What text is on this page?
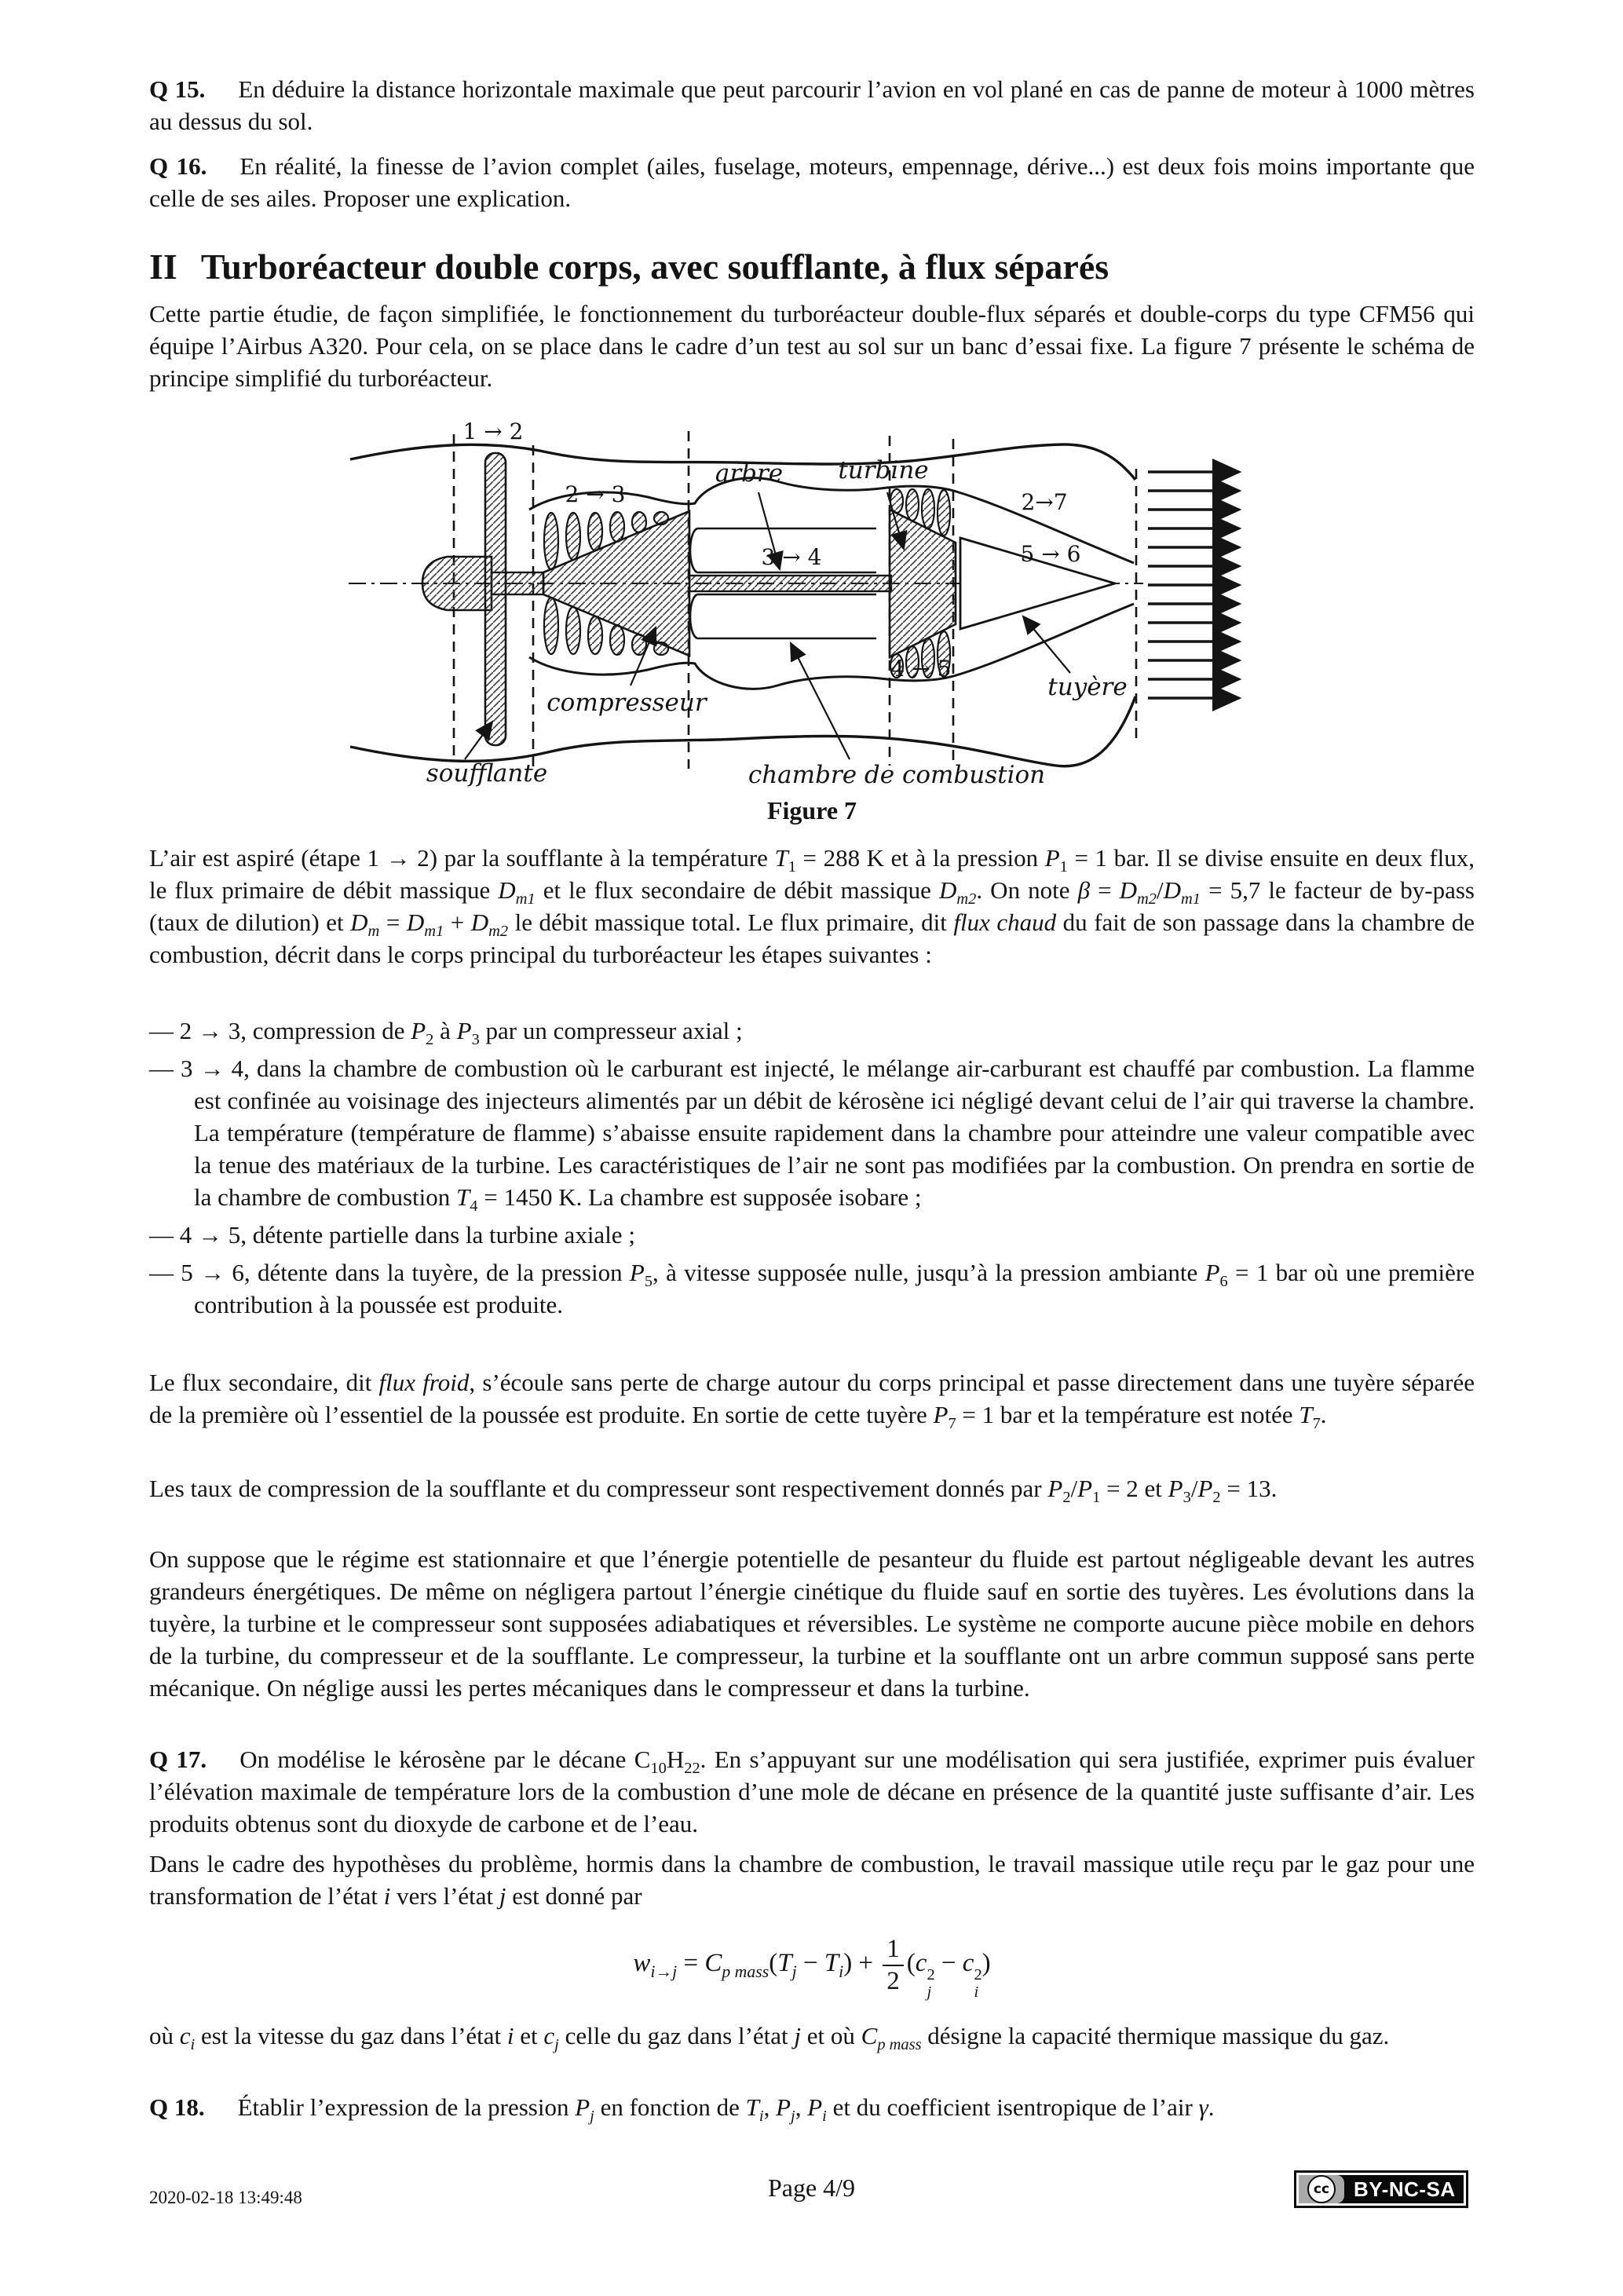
Q 15. En déduire la distance horizontale maximale que peut parcourir l’avion en vol plané en cas de panne de moteur à 1000 mètres au dessus du sol.
Q 16. En réalité, la finesse de l’avion complet (ailes, fuselage, moteurs, empennage, dérive...) est deux fois moins importante que celle de ses ailes. Proposer une explication.
II Turboréacteur double corps, avec soufflante, à flux séparés
Cette partie étudie, de façon simplifiée, le fonctionnement du turboréacteur double-flux séparés et double-corps du type CFM56 qui équipe l’Airbus A320. Pour cela, on se place dans le cadre d’un test au sol sur un banc d’essai fixe. La figure 7 présente le schéma de principe simplifié du turboréacteur.
1 → 2
2 → 3
arbre turbine
2→7
3 → 4	5 → 6
4 → 5
tuyère
compresseur
soufflante	chambre de combustion
Figure 7
L’air est aspiré (étape 1 → 2) par la soufflante à la température $T_1 = 288$ K et à la pression $P_1 = 1$ bar. Il se divise ensuite en deux flux, le flux primaire de débit massique $D_{m1}$ et le flux secondaire de débit massique $D_{m2}$. On note $\beta = D_{m2}/D_{m1} = 5,7$ le facteur de by-pass (taux de dilution) et $D_m = D_{m1} + D_{m2}$ le débit massique total. Le flux primaire, dit flux chaud du fait de son passage dans la chambre de combustion, décrit dans le corps principal du turboréacteur les étapes suivantes :
— 2 → 3, compression de $P_2$ à $P_3$ par un compresseur axial ;
— 3 → 4, dans la chambre de combustion où le carburant est injecté, le mélange air-carburant est chauffé par combustion. La flamme est confinée au voisinage des injecteurs alimentés par un débit de kérosène ici négligé devant celui de l’air qui traverse la chambre. La température (température de flamme) s’abaisse ensuite rapidement dans la chambre pour atteindre une valeur compatible avec la tenue des matériaux de la turbine. Les caractéristiques de l’air ne sont pas modifiées par la combustion. On prendra en sortie de la chambre de combustion $T_4 = 1450$ K. La chambre est supposée isobare ;
— 4 → 5, détente partielle dans la turbine axiale ;
— 5 → 6, détente dans la tuyère, de la pression $P_5$, à vitesse supposée nulle, jusqu’à la pression ambiante $P_6 = 1$ bar où une première contribution à la poussée est produite.
Le flux secondaire, dit flux froid, s’écoule sans perte de charge autour du corps principal et passe directement dans une tuyère séparée de la première où l’essentiel de la poussée est produite. En sortie de cette tuyère $P_7 = 1$ bar et la température est notée $T_7$.
Les taux de compression de la soufflante et du compresseur sont respectivement donnés par $P_2/P_1 = 2$ et $P_3/P_2 = 13$.
On suppose que le régime est stationnaire et que l’énergie potentielle de pesanteur du fluide est partout négligeable devant les autres grandeurs énergétiques. De même on négligera partout l’énergie cinétique du fluide sauf en sortie des tuyères. Les évolutions dans la tuyère, la turbine et le compresseur sont supposées adiabatiques et réversibles. Le système ne comporte aucune pièce mobile en dehors de la turbine, du compresseur et de la soufflante. Le compresseur, la turbine et la soufflante ont un arbre commun supposé sans perte mécanique. On néglige aussi les pertes mécaniques dans le compresseur et dans la turbine.
Q 17. On modélise le kérosène par le décane $C_{10}H_{22}$. En s’appuyant sur une modélisation qui sera justifiée, exprimer puis évaluer l’élévation maximale de température lors de la combustion d’une mole de décane en présence de la quantité juste suffisante d’air. Les produits obtenus sont du dioxyde de carbone et de l’eau.
Dans le cadre des hypothèses du problème, hormis dans la chambre de combustion, le travail massique utile reçu par le gaz pour une transformation de l’état i vers l’état j est donné par
$w_{i\to j} = C_{p mass}(T_j - T_i) + \frac{1}{2} (c$ 2
j
− c 2
i
)
où $c_i$ est la vitesse du gaz dans l’état i et $c_j$ celle du gaz dans l’état j et où $C_{p mass}$ désigne la capacité thermique massique du gaz.
Q 18. Établir l’expression de la pression $P_j$ en fonction de $T_i$, $P_j$, $P_i$ et du coefficient isentropique de l’air γ.
2020-02-18 13:49:48	Page 4/9	cc	BY-NC-SA
